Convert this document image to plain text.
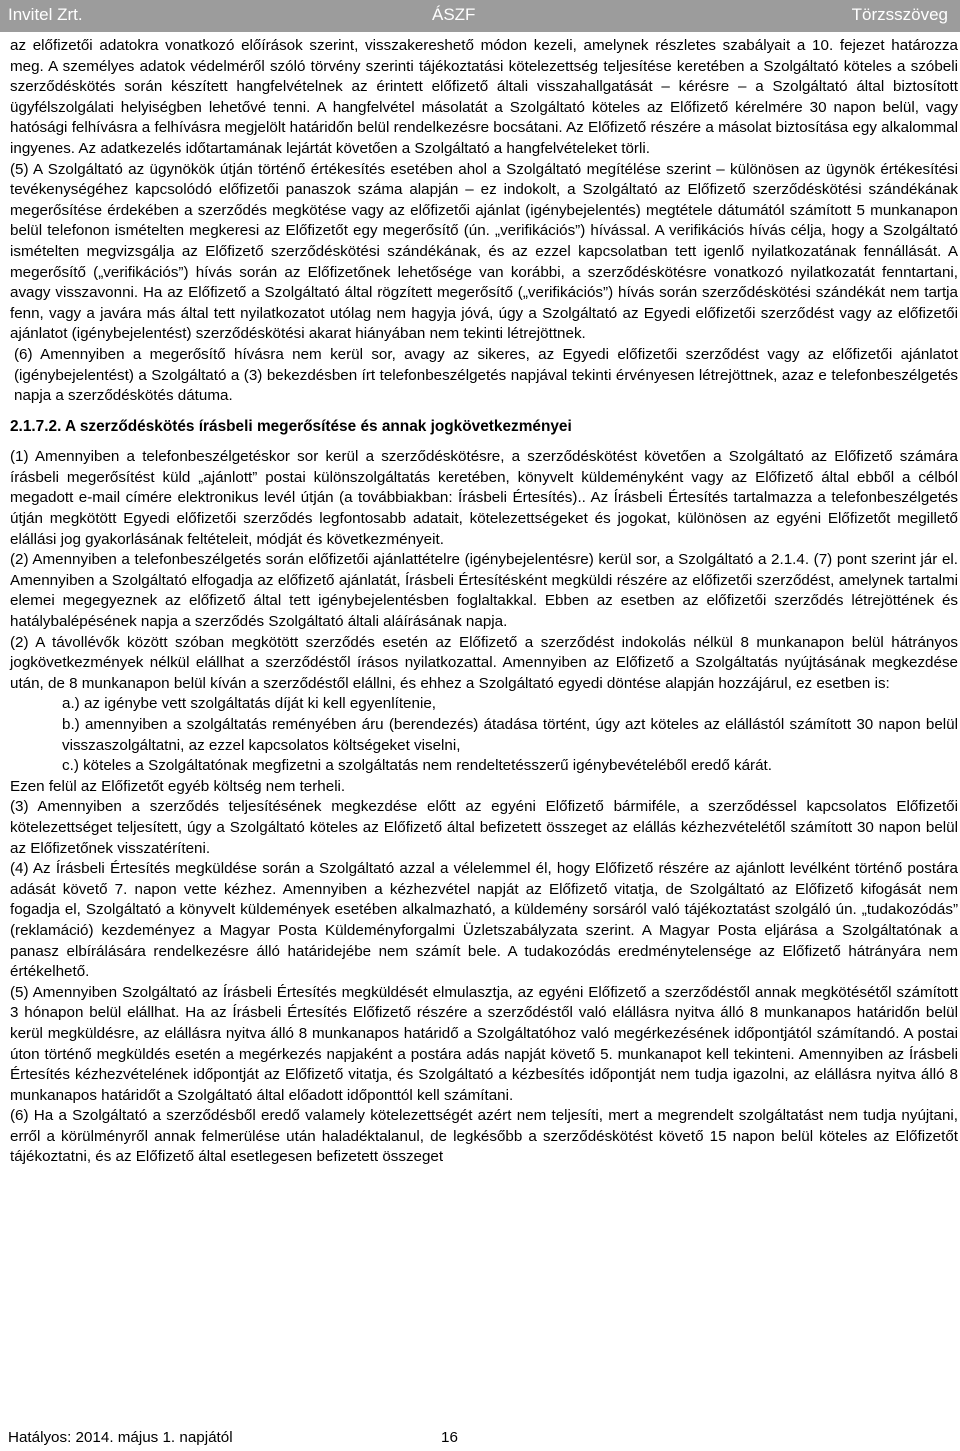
Invitel Zrt.	ÁSZF	Törzsszöveg

az előfizetői adatokra vonatkozó előírások szerint, visszakereshető módon kezeli, amelynek részletes szabályait a 10. fejezet határozza meg. A személyes adatok védelméről szóló törvény szerinti tájékoztatási kötelezettség teljesítése keretében a Szolgáltató köteles a szóbeli szerződéskötés során készített hangfelvételnek az érintett előfizető általi visszahallgatását – kérésre – a Szolgáltató által biztosított ügyfélszolgálati helyiségben lehetővé tenni. A hangfelvétel másolatát a Szolgáltató köteles az Előfizető kérelmére 30 napon belül, vagy hatósági felhívásra a felhívásra megjelölt határidőn belül rendelkezésre bocsátani. Az Előfizető részére a másolat biztosítása egy alkalommal ingyenes. Az adatkezelés időtartamának lejártát követően a Szolgáltató a hangfelvételeket törli.

(5) A Szolgáltató az ügynökök útján történő értékesítés esetében ahol a Szolgáltató megítélése szerint – különösen az ügynök értékesítési tevékenységéhez kapcsolódó előfizetői panaszok száma alapján – ez indokolt, a Szolgáltató az Előfizető szerződéskötési szándékának megerősítése érdekében a szerződés megkötése vagy az előfizetői ajánlat (igénybejelentés) megtétele dátumától számított 5 munkanapon belül telefonon ismételten megkeresi az Előfizetőt egy megerősítő (ún. „verifikációs”) hívással. A verifikációs hívás célja, hogy a Szolgáltató ismételten megvizsgálja az Előfizető szerződéskötési szándékának, és az ezzel kapcsolatban tett igenlő nyilatkozatának fennállását. A megerősítő („verifikációs”) hívás során az Előfizetőnek lehetősége van korábbi, a szerződéskötésre vonatkozó nyilatkozatát fenntartani, avagy visszavonni. Ha az Előfizető a Szolgáltató által rögzített megerősítő („verifikációs”) hívás során szerződéskötési szándékát nem tartja fenn, vagy a javára más által tett nyilatkozatot utólag nem hagyja jóvá, úgy a Szolgáltató az Egyedi előfizetői szerződést vagy az előfizetői ajánlatot (igénybejelentést) szerződéskötési akarat hiányában nem tekinti létrejöttnek.

(6) Amennyiben a megerősítő hívásra nem kerül sor, avagy az sikeres, az Egyedi előfizetői szerződést vagy az előfizetői ajánlatot (igénybejelentést) a Szolgáltató a (3) bekezdésben írt telefonbeszélgetés napjával tekinti érvényesen létrejöttnek, azaz e telefonbeszélgetés napja a szerződéskötés dátuma.

2.1.7.2. A szerződéskötés írásbeli megerősítése és annak jogkövetkezményei

(1) Amennyiben a telefonbeszélgetéskor sor kerül a szerződéskötésre, a szerződéskötést követően a Szolgáltató az Előfizető számára írásbeli megerősítést küld „ajánlott” postai különszolgáltatás keretében, könyvelt küldeményként vagy az Előfizető által ebből a célból megadott e-mail címére elektronikus levél útján (a továbbiakban: Írásbeli Értesítés).. Az Írásbeli Értesítés tartalmazza a telefonbeszélgetés útján megkötött Egyedi előfizetői szerződés legfontosabb adatait, kötelezettségeket és jogokat, különösen az egyéni Előfizetőt megillető elállási jog gyakorlásának feltételeit, módját és következményeit.

(2) Amennyiben a telefonbeszélgetés során előfizetői ajánlattételre (igénybejelentésre) kerül sor, a Szolgáltató a 2.1.4. (7) pont szerint jár el. Amennyiben a Szolgáltató elfogadja az előfizető ajánlatát, Írásbeli Értesítésként megküldi részére az előfizetői szerződést, amelynek tartalmi elemei megegyeznek az előfizető által tett igénybejelentésben foglaltakkal. Ebben az esetben az előfizetői szerződés létrejöttének és hatálybalépésének napja a szerződés Szolgáltató általi aláírásának napja.

(2) A távollévők között szóban megkötött szerződés esetén az Előfizető a szerződést indokolás nélkül 8 munkanapon belül hátrányos jogkövetkezmények nélkül elállhat a szerződéstől írásos nyilatkozattal. Amennyiben az Előfizető a Szolgáltatás nyújtásának megkezdése után, de 8 munkanapon belül kíván a szerződéstől elállni, és ehhez a Szolgáltató egyedi döntése alapján hozzájárul, ez esetben is:

a.) az igénybe vett szolgáltatás díját ki kell egyenlítenie,
b.) amennyiben a szolgáltatás reményében áru (berendezés) átadása történt, úgy azt köteles az elállástól számított 30 napon belül visszaszolgáltatni, az ezzel kapcsolatos költségeket viselni,
c.) köteles a Szolgáltatónak megfizetni a szolgáltatás nem rendeltetésszerű igénybevételéből eredő kárát.

Ezen felül az Előfizetőt egyéb költség nem terheli.

(3) Amennyiben a szerződés teljesítésének megkezdése előtt az egyéni Előfizető bármiféle, a szerződéssel kapcsolatos Előfizetői kötelezettséget teljesített, úgy a Szolgáltató köteles az Előfizető által befizetett összeget az elállás kézhezvételétől számított 30 napon belül az Előfizetőnek visszatéríteni.

(4) Az Írásbeli Értesítés megküldése során a Szolgáltató azzal a vélelemmel él, hogy Előfizető részére az ajánlott levélként történő postára adását követő 7. napon vette kézhez. Amennyiben a kézhezvétel napját az Előfizető vitatja, de Szolgáltató az Előfizető kifogását nem fogadja el, Szolgáltató a könyvelt küldemények esetében alkalmazható, a küldemény sorsáról való tájékoztatást szolgáló ún. „tudakozódás” (reklamáció) kezdeményez a Magyar Posta Küldeményforgalmi Üzletszabályzata szerint. A Magyar Posta eljárása a Szolgáltatónak a panasz elbírálására rendelkezésre álló határidejébe nem számít bele. A tudakozódás eredménytelensége az Előfizető hátrányára nem értékelhető.

(5) Amennyiben Szolgáltató az Írásbeli Értesítés megküldését elmulasztja, az egyéni Előfizető a szerződéstől annak megkötésétől számított 3 hónapon belül elállhat. Ha az Írásbeli Értesítés Előfizető részére a szerződéstől való elállásra nyitva álló 8 munkanapos határidőn belül kerül megküldésre, az elállásra nyitva álló 8 munkanapos határidő a Szolgáltatóhoz való megérkezésének időpontjától számítandó. A postai úton történő megküldés esetén a megérkezés napjaként a postára adás napját követő 5. munkanapot kell tekinteni. Amennyiben az Írásbeli Értesítés kézhezvételének időpontját az Előfizető vitatja, és Szolgáltató a kézbesítés időpontját nem tudja igazolni, az elállásra nyitva álló 8 munkanapos határidőt a Szolgáltató által előadott időponttól kell számítani.

(6) Ha a Szolgáltató a szerződésből eredő valamely kötelezettségét azért nem teljesíti, mert a megrendelt szolgáltatást nem tudja nyújtani, erről a körülményről annak felmerülése után haladéktalanul, de legkésőbb a szerződéskötést követő 15 napon belül köteles az Előfizetőt tájékoztatni, és az Előfizető által esetlegesen befizetett összeget

Hatályos: 2014. május 1. napjától	16
